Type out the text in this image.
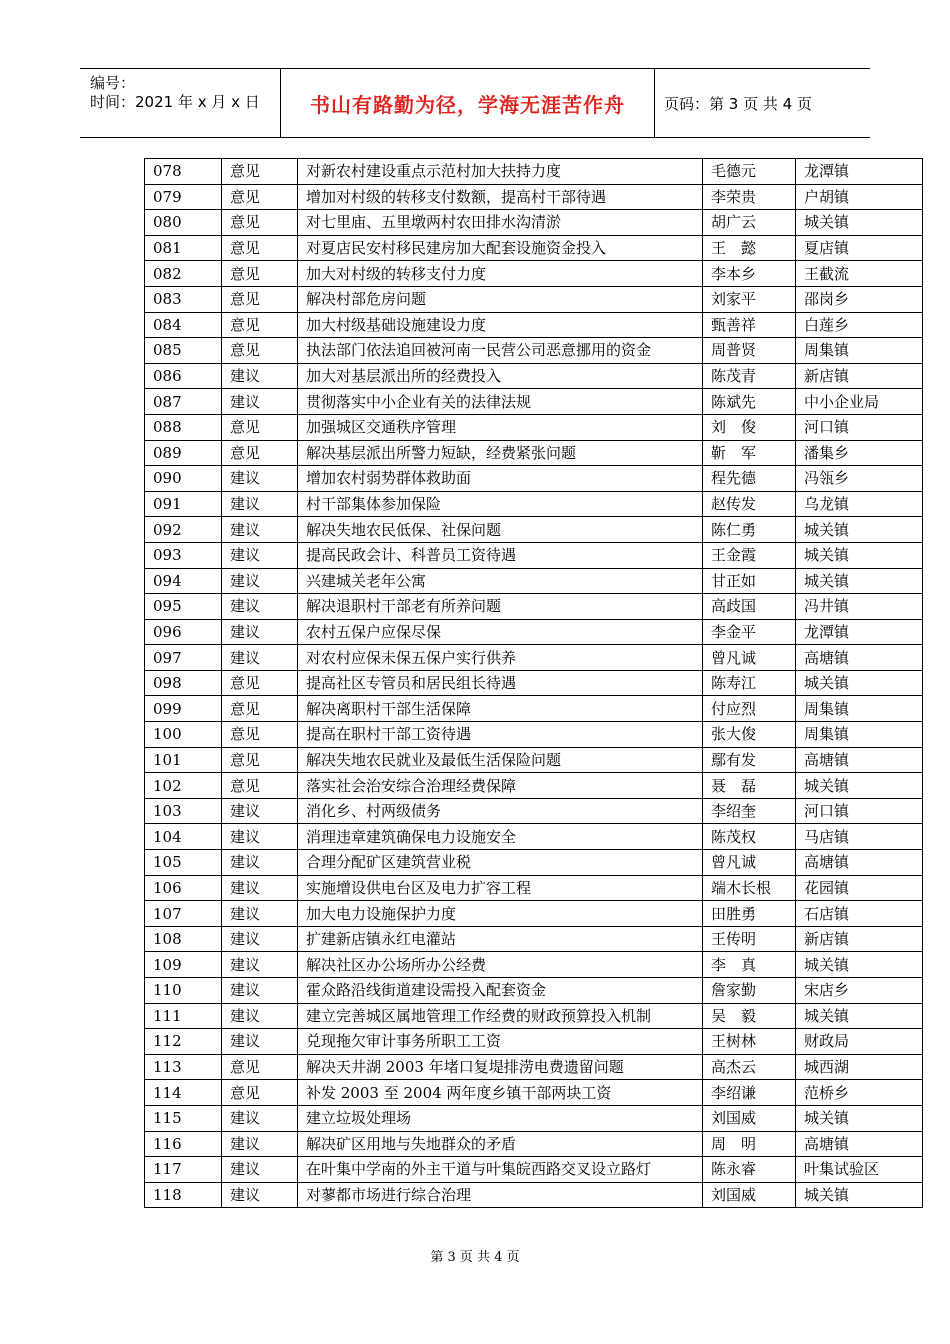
编号：
时间：2021 年 x 月 x 日	书山有路勤为径，学海无涯苦作舟	页码：第 3 页 共 4 页
078	意见	对新农村建设重点示范村加大扶持力度	毛德元	龙潭镇
079	意见	增加对村级的转移支付数额，提高村干部待遇	李荣贵	户胡镇
080	意见	对七里庙、五里墩两村农田排水沟清淤	胡广云	城关镇
081	意见	对夏店民安村移民建房加大配套设施资金投入	王　懿	夏店镇
082	意见	加大对村级的转移支付力度	李本乡	王截流
083	意见	解决村部危房问题	刘家平	邵岗乡
084	意见	加大村级基础设施建设力度	甄善祥	白莲乡
085	意见	执法部门依法追回被河南一民营公司恶意挪用的资金	周普贤	周集镇
086	建议	加大对基层派出所的经费投入	陈茂青	新店镇
087	建议	贯彻落实中小企业有关的法律法规	陈斌先	中小企业局
088	意见	加强城区交通秩序管理	刘　俊	河口镇
089	意见	解决基层派出所警力短缺，经费紧张问题	靳　军	潘集乡
090	建议	增加农村弱势群体救助面	程先德	冯瓴乡
091	建议	村干部集体参加保险	赵传发	乌龙镇
092	建议	解决失地农民低保、社保问题	陈仁勇	城关镇
093	建议	提高民政会计、科普员工资待遇	王金霞	城关镇
094	建议	兴建城关老年公寓	甘正如	城关镇
095	建议	解决退职村干部老有所养问题	高歧国	冯井镇
096	建议	农村五保户应保尽保	李金平	龙潭镇
097	建议	对农村应保未保五保户实行供养	曾凡诚	高塘镇
098	意见	提高社区专管员和居民组长待遇	陈寿江	城关镇
099	意见	解决离职村干部生活保障	付应烈	周集镇
100	意见	提高在职村干部工资待遇	张大俊	周集镇
101	意见	解决失地农民就业及最低生活保险问题	鄢有发	高塘镇
102	意见	落实社会治安综合治理经费保障	聂　磊	城关镇
103	建议	消化乡、村两级债务	李绍奎	河口镇
104	建议	消理违章建筑确保电力设施安全	陈茂权	马店镇
105	建议	合理分配矿区建筑营业税	曾凡诚	高塘镇
106	建议	实施增设供电台区及电力扩容工程	端木长根	花园镇
107	建议	加大电力设施保护力度	田胜勇	石店镇
108	建议	扩建新店镇永红电灌站	王传明	新店镇
109	建议	解决社区办公场所办公经费	李　真	城关镇
110	建议	霍众路沿线街道建设需投入配套资金	詹家勤	宋店乡
111	建议	建立完善城区属地管理工作经费的财政预算投入机制	吴　毅	城关镇
112	建议	兑现拖欠审计事务所职工工资	王树林	财政局
113	意见	解决天井湖 2003 年堵口复堤排涝电费遗留问题	高杰云	城西湖
114	意见	补发 2003 至 2004 两年度乡镇干部两块工资	李绍谦	范桥乡
115	建议	建立垃圾处理场	刘国威	城关镇
116	建议	解决矿区用地与失地群众的矛盾	周　明	高塘镇
117	建议	在叶集中学南的外主干道与叶集皖西路交叉设立路灯	陈永睿	叶集试验区
118	建议	对蓼都市场进行综合治理	刘国威	城关镇
第 3 页 共 4 页
